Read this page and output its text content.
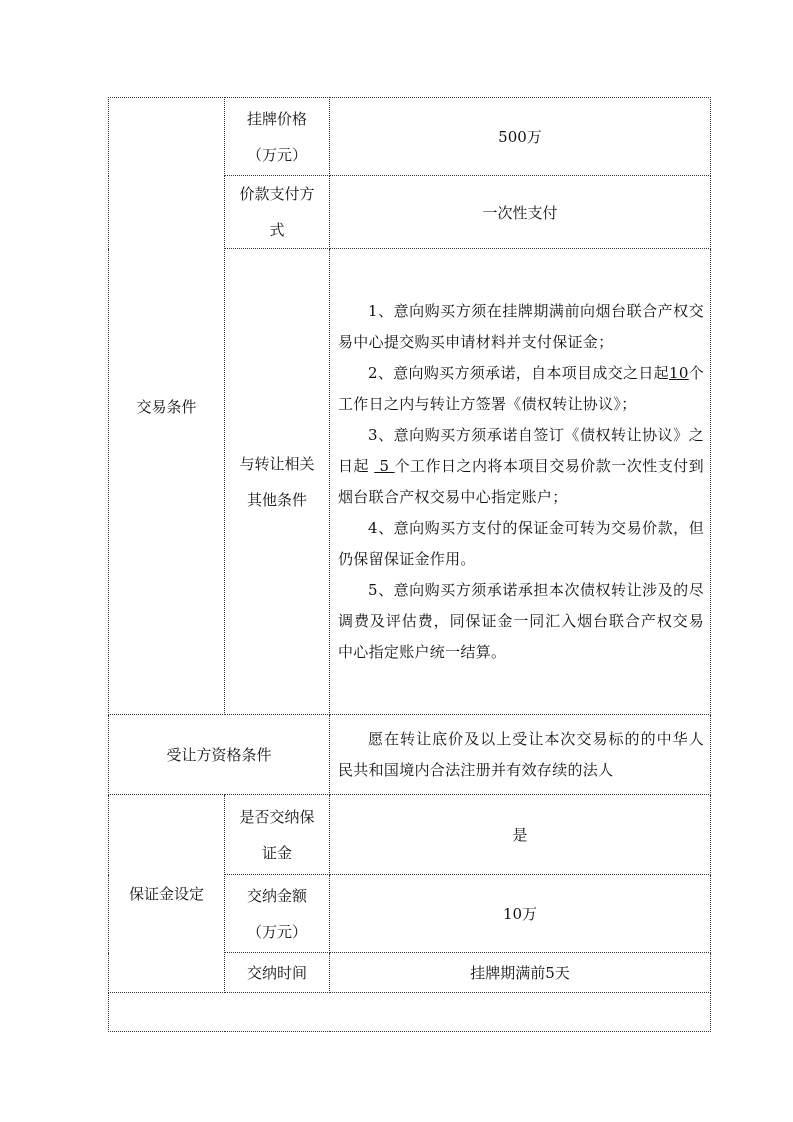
交易条件	挂牌价格（万元）	500万
	价款支付方式	一次性支付
	与转让相关其他条件	1、意向购买方须在挂牌期满前向烟台联合产权交易中心提交购买申请材料并支付保证金；

2、意向购买方须承诺，自本项目成交之日起10个工作日之内与转让方签署《债权转让协议》；

3、意向购买方须承诺自签订《债权转让协议》之日起 5 个工作日之内将本项目交易价款一次性支付到烟台联合产权交易中心指定账户；

4、意向购买方支付的保证金可转为交易价款，但仍保留保证金作用。

5、意向购买方须承诺承担本次债权转让涉及的尽调费及评估费，同保证金一同汇入烟台联合产权交易中心指定账户统一结算。

受让方资格条件		愿在转让底价及以上受让本次交易标的的中华人民共和国境内合法注册并有效存续的法人

保证金设定	是否交纳保证金	是
	交纳金额（万元）	10万
	交纳时间	挂牌期满前5天
